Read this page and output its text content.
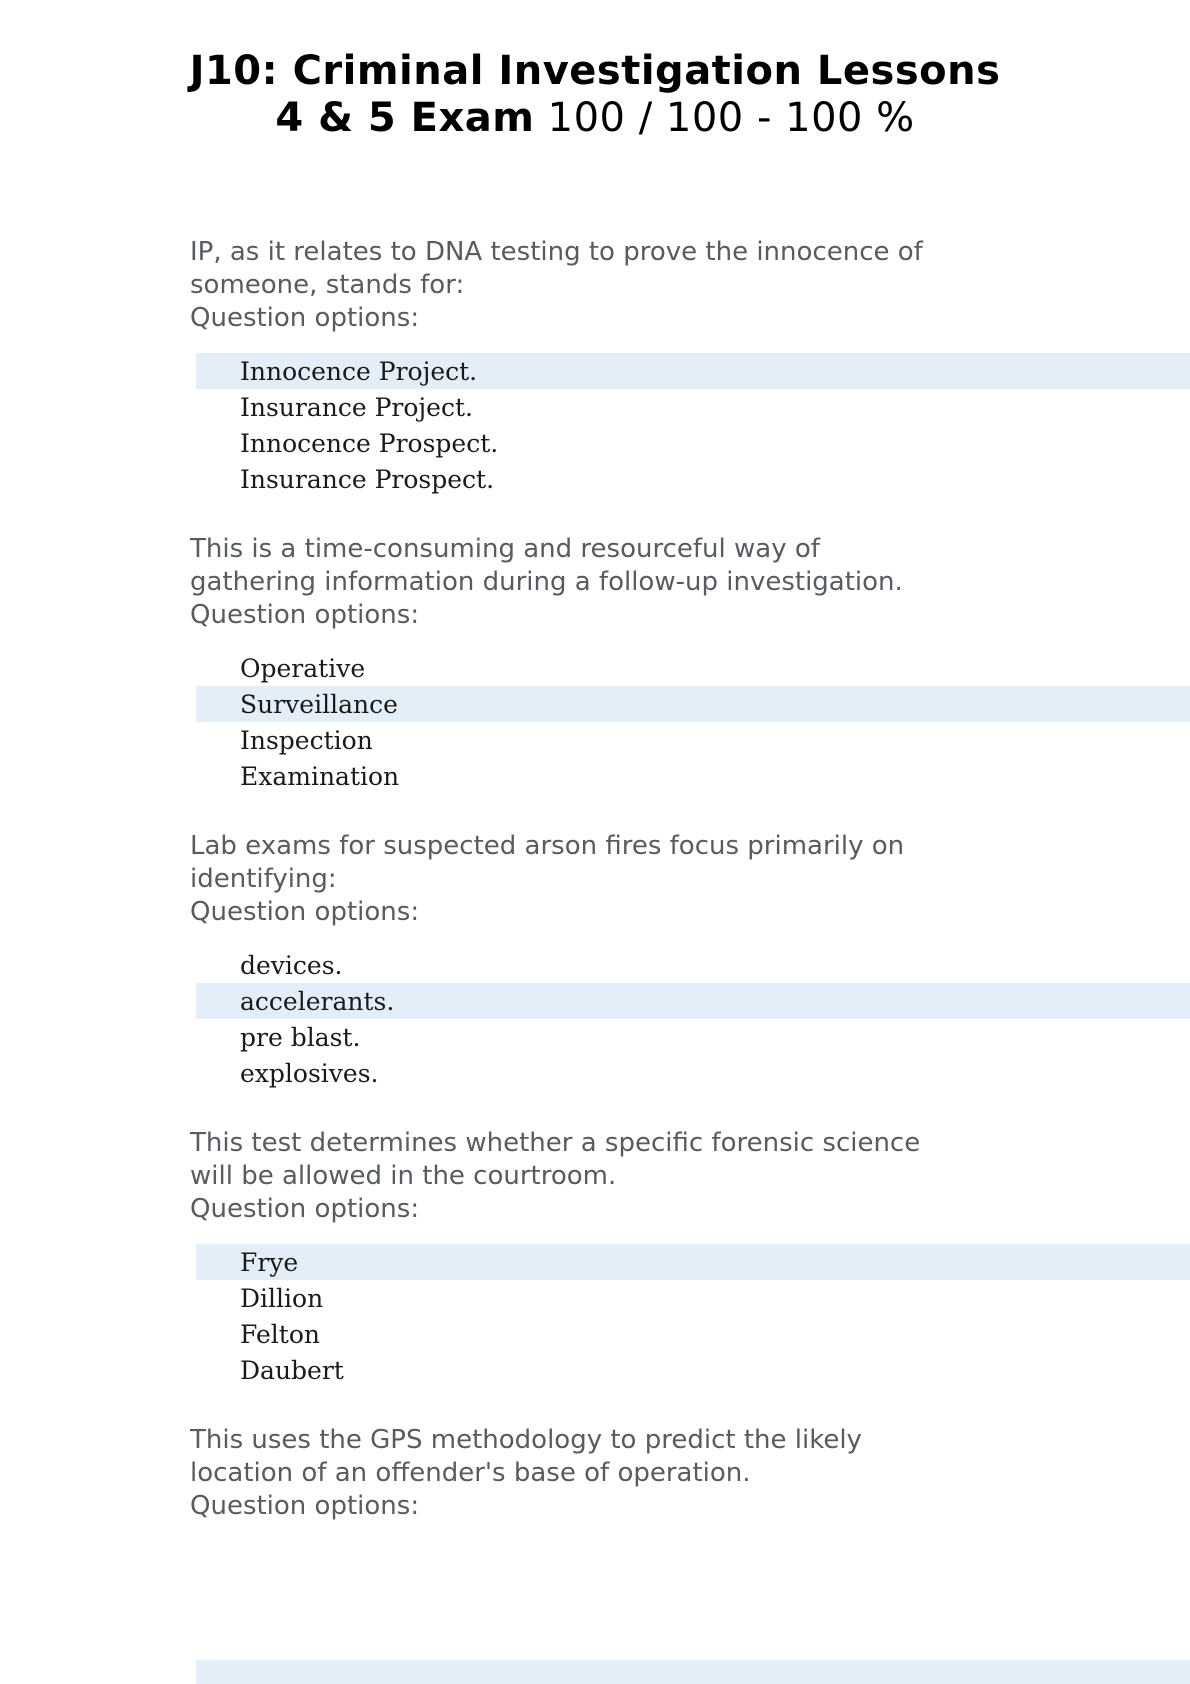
J10: Criminal Investigation Lessons
4 & 5 Exam 100 / 100 - 100 %
IP, as it relates to DNA testing to prove the innocence of
someone, stands for:
Question options:
Innocence Project.
Insurance Project.
Innocence Prospect.
Insurance Prospect.
This is a time-consuming and resourceful way of
gathering information during a follow-up investigation.
Question options:
Operative
Surveillance
Inspection
Examination
Lab exams for suspected arson fires focus primarily on
identifying:
Question options:
devices.
accelerants.
pre blast.
explosives.
This test determines whether a specific forensic science
will be allowed in the courtroom.
Question options:
Frye
Dillion
Felton
Daubert
This uses the GPS methodology to predict the likely
location of an offender's base of operation.
Question options:
